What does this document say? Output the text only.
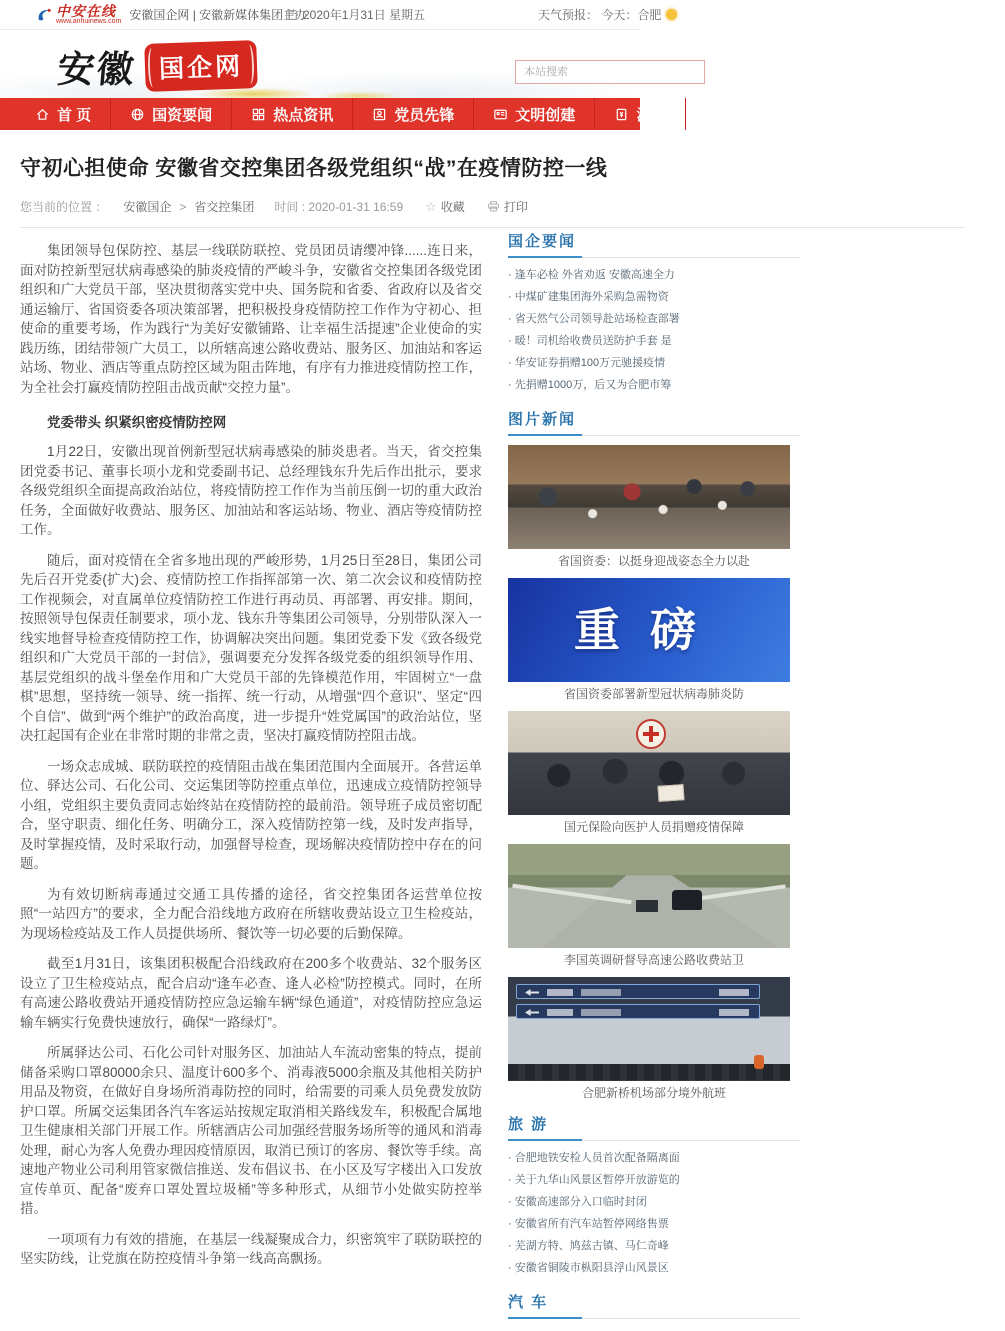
中安在线
www.anhuinews.com 安徽国企网 | 安徽新媒体集团主办
2020年1月31日 星期五	天气预报： 今天：合肥
安徽 国企网
本站搜索
首 页	国资要闻	热点资讯	党员先锋	文明创建	消费
守初心担使命 安徽省交控集团各级党组织“战”在疫情防控一线
您当前的位置 ： 安徽国企 > 省交控集团 时间 : 2020-01-31 16:59 ☆ 收藏	打印

集团领导包保防控、基层一线联防联控、党员团员请缨冲锋......连日来，面对防控新型冠状病毒感染的肺炎疫情的严峻斗争，安徽省交控集团各级党团组织和广大党员干部，坚决贯彻落实党中央、国务院和省委、省政府以及省交通运输厅、省国资委各项决策部署，把积极投身疫情防控工作作为守初心、担使命的重要考场，作为践行“为美好安徽铺路、让幸福生活提速”企业使命的实践历练，团结带领广大员工，以所辖高速公路收费站、服务区、加油站和客运站场、物业、酒店等重点防控区域为阻击阵地，有序有力推进疫情防控工作，为全社会打赢疫情防控阻击战贡献“交控力量”。

党委带头 织紧织密疫情防控网

1月22日，安徽出现首例新型冠状病毒感染的肺炎患者。当天，省交控集团党委书记、董事长项小龙和党委副书记、总经理钱东升先后作出批示，要求各级党组织全面提高政治站位，将疫情防控工作作为当前压倒一切的重大政治任务，全面做好收费站、服务区、加油站和客运站场、物业、酒店等疫情防控工作。

随后，面对疫情在全省多地出现的严峻形势，1月25日至28日，集团公司先后召开党委(扩大)会、疫情防控工作指挥部第一次、第二次会议和疫情防控工作视频会，对直属单位疫情防控工作进行再动员、再部署、再安排。期间，按照领导包保责任制要求，项小龙、钱东升等集团公司领导，分别带队深入一线实地督导检查疫情防控工作，协调解决突出问题。集团党委下发《致各级党组织和广大党员干部的一封信》，强调要充分发挥各级党委的组织领导作用、基层党组织的战斗堡垒作用和广大党员干部的先锋模范作用，牢固树立“一盘棋”思想，坚持统一领导、统一指挥、统一行动，从增强“四个意识”、坚定“四个自信”、做到“两个维护”的政治高度，进一步提升“姓党属国”的政治站位，坚决扛起国有企业在非常时期的非常之责，坚决打赢疫情防控阻击战。

一场众志成城、联防联控的疫情阻击战在集团范围内全面展开。各营运单位、驿达公司、石化公司、交运集团等防控重点单位，迅速成立疫情防控领导小组，党组织主要负责同志始终站在疫情防控的最前沿。领导班子成员密切配合，坚守职责、细化任务、明确分工，深入疫情防控第一线，及时发声指导，及时掌握疫情，及时采取行动，加强督导检查，现场解决疫情防控中存在的问题。

为有效切断病毒通过交通工具传播的途径，省交控集团各运营单位按照“一站四方”的要求，全力配合沿线地方政府在所辖收费站设立卫生检疫站，为现场检疫站及工作人员提供场所、餐饮等一切必要的后勤保障。

截至1月31日，该集团积极配合沿线政府在200多个收费站、32个服务区设立了卫生检疫站点，配合启动“逢车必查、逢人必检”防控模式。同时，在所有高速公路收费站开通疫情防控应急运输车辆“绿色通道”，对疫情防控应急运输车辆实行免费快速放行，确保“一路绿灯”。

所属驿达公司、石化公司针对服务区、加油站人车流动密集的特点，提前储备采购口罩80000余只、温度计600多个、消毒液5000余瓶及其他相关防护用品及物资，在做好自身场所消毒防控的同时，给需要的司乘人员免费发放防护口罩。所属交运集团各汽车客运站按规定取消相关路线发车，积极配合属地卫生健康相关部门开展工作。所辖酒店公司加强经营服务场所等的通风和消毒处理，耐心为客人免费办理因疫情原因，取消已预订的客房、餐饮等手续。高速地产物业公司利用管家微信推送、发布倡议书、在小区及写字楼出入口发放宣传单页、配备“废弃口罩处置垃圾桶”等多种形式，从细节小处做实防控举措。

一项项有力有效的措施，在基层一线凝聚成合力，织密筑牢了联防联控的坚实防线，让党旗在防控疫情斗争第一线高高飘扬。

国企要闻
· 逢车必检 外省劝返 安徽高速全力
· 中煤矿建集团海外采购急需物资
· 省天然气公司领导赴站场检查部署
· 暖！司机给收费员送防护手套 是
· 华安证券捐赠100万元驰援疫情
· 先捐赠1000万，后又为合肥市筹
图片新闻
省国资委：以挺身迎战姿态全力以赴
重磅
省国资委部署新型冠状病毒肺炎防
国元保险向医护人员捐赠疫情保障
李国英调研督导高速公路收费站卫
合肥新桥机场部分境外航班
旅 游
· 合肥地铁安检人员首次配备隔离面
· 关于九华山风景区暂停开放游览的
· 安徽高速部分入口临时封闭
· 安徽省所有汽车站暂停网络售票
· 芜湖方特、鸠兹古镇、马仁奇峰
· 安徽省铜陵市枞阳县浮山风景区
汽 车
